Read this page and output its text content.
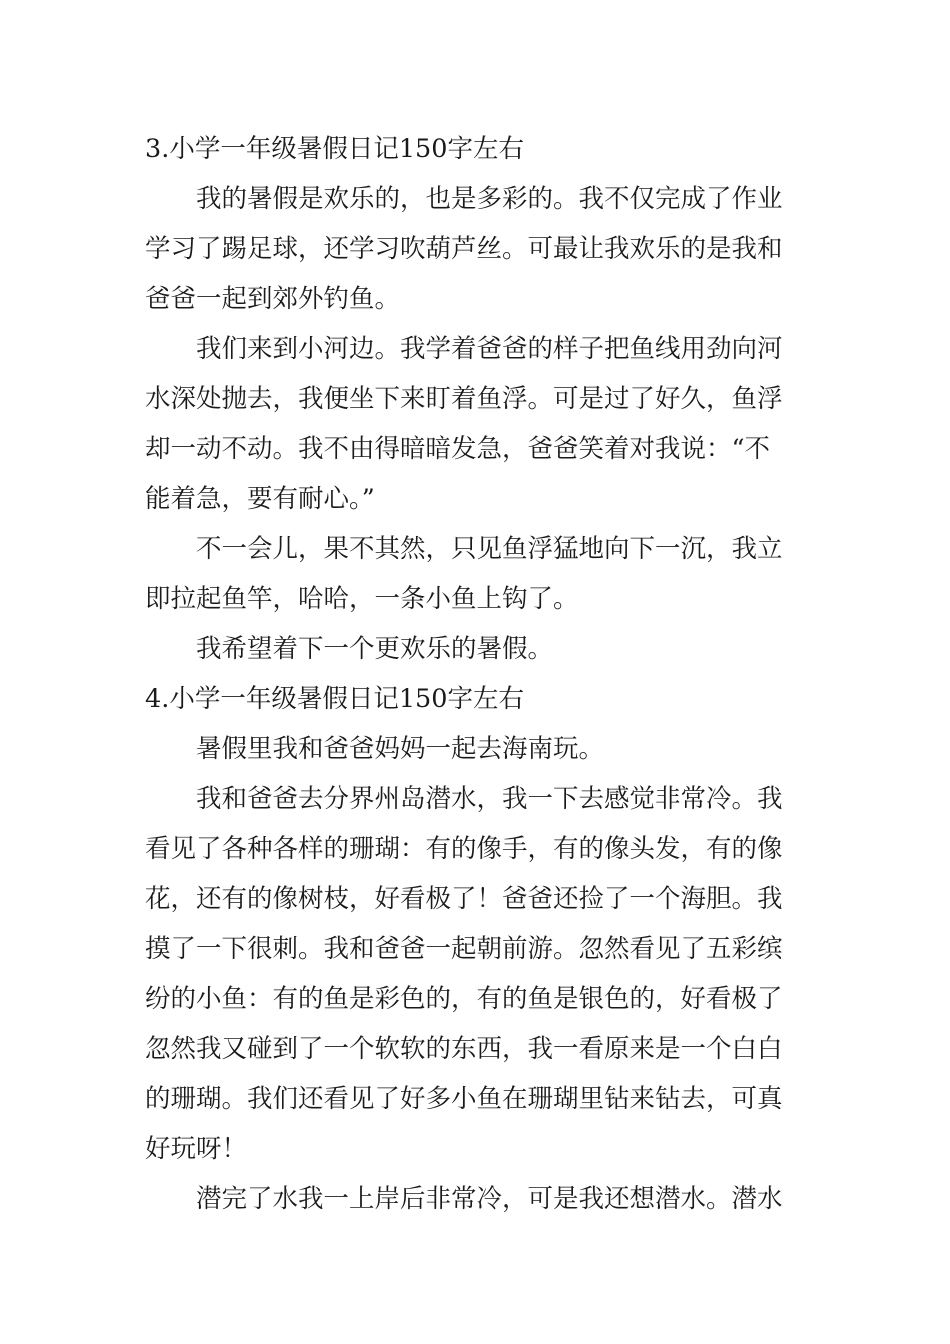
3.小学一年级暑假日记150字左右
我的暑假是欢乐的，也是多彩的。我不仅完成了作业
学习了踢足球，还学习吹葫芦丝。可最让我欢乐的是我和
爸爸一起到郊外钓鱼。
我们来到小河边。我学着爸爸的样子把鱼线用劲向河
水深处抛去，我便坐下来盯着鱼浮。可是过了好久，鱼浮
却一动不动。我不由得暗暗发急，爸爸笑着对我说：“不
能着急，要有耐心。”
不一会儿，果不其然，只见鱼浮猛地向下一沉，我立
即拉起鱼竿，哈哈，一条小鱼上钩了。
我希望着下一个更欢乐的暑假。
4.小学一年级暑假日记150字左右
暑假里我和爸爸妈妈一起去海南玩。
我和爸爸去分界州岛潜水，我一下去感觉非常冷。我
看见了各种各样的珊瑚：有的像手，有的像头发，有的像
花，还有的像树枝，好看极了！爸爸还捡了一个海胆。我
摸了一下很刺。我和爸爸一起朝前游。忽然看见了五彩缤
纷的小鱼：有的鱼是彩色的，有的鱼是银色的，好看极了
忽然我又碰到了一个软软的东西，我一看原来是一个白白
的珊瑚。我们还看见了好多小鱼在珊瑚里钻来钻去，可真
好玩呀！
潜完了水我一上岸后非常冷，可是我还想潜水。潜水
